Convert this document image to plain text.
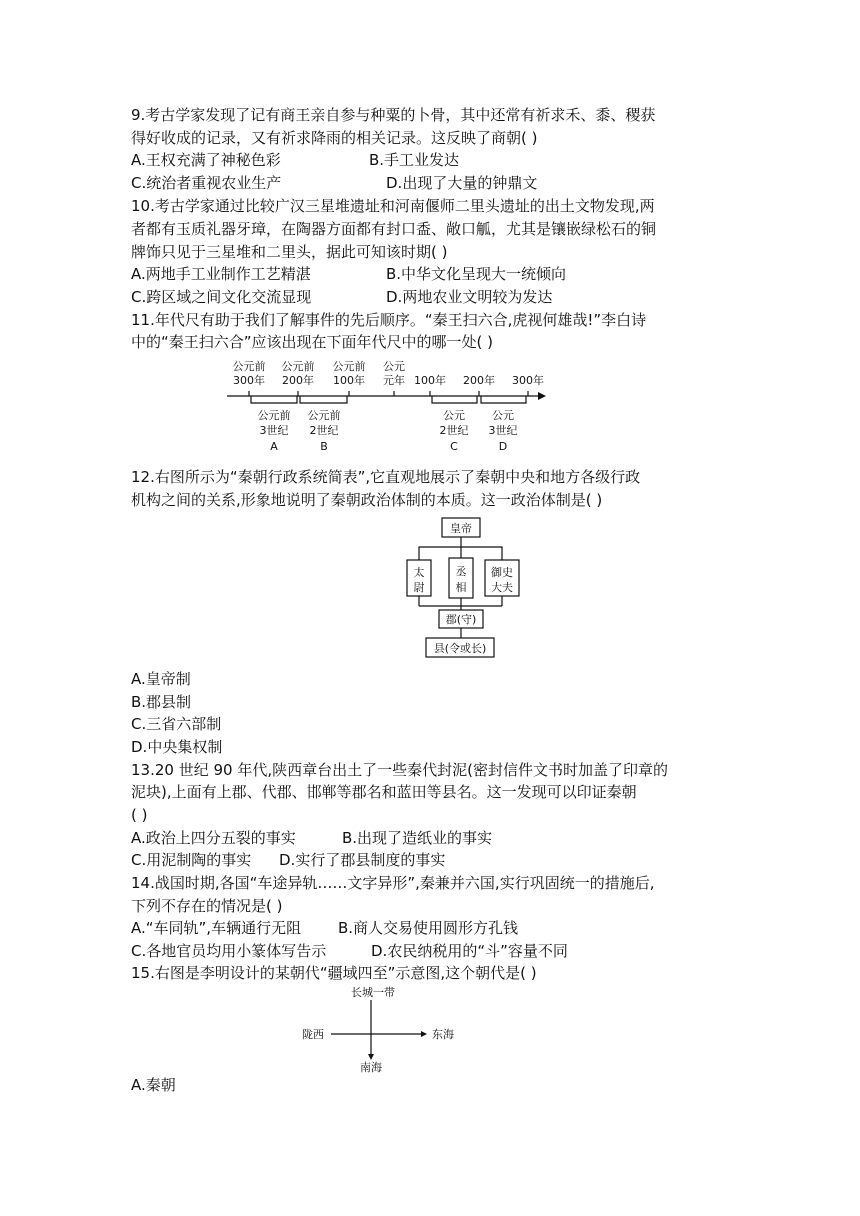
9.考古学家发现了记有商王亲自参与种粟的卜骨，其中还常有祈求禾、黍、稷获
得好收成的记录，又有祈求降雨的相关记录。这反映了商朝( )
A.王权充满了神秘色彩	B.手工业发达
C.统治者重视农业生产	D.出现了大量的钟鼎文
10.考古学家通过比较广汉三星堆遗址和河南偃师二里头遗址的出土文物发现,两
者都有玉质礼器牙璋，在陶器方面都有封口盉、敞口觚，尤其是镶嵌绿松石的铜
牌饰只见于三星堆和二里头，据此可知该时期( )
A.两地手工业制作工艺精湛	B.中华文化呈现大一统倾向
C.跨区域之间文化交流显现	D.两地农业文明较为发达
11.年代尺有助于我们了解事件的先后顺序。“秦王扫六合,虎视何雄哉!”李白诗
中的“秦王扫六合”应该出现在下面年代尺中的哪一处( )
公元前
300年
公元前
200年
公元前
100年
公元
元年 100年 200年 300年
公元前
3世纪
A
公元前
2世纪
B
公元
2世纪
C
公元
3世纪
D
12.右图所示为“秦朝行政系统简表”,它直观地展示了秦朝中央和地方各级行政
机构之间的关系,形象地说明了秦朝政治体制的本质。这一政治体制是( )
皇帝
太
尉
丞
相
御史
大夫
郡(守)
县(令或长)
A.皇帝制
B.郡县制
C.三省六部制
D.中央集权制
13.20 世纪 90 年代,陕西章台出土了一些秦代封泥(密封信件文书时加盖了印章的
泥块),上面有上郡、代郡、邯郸等郡名和蓝田等县名。这一发现可以印证秦朝
( )
A.政治上四分五裂的事实	B.出现了造纸业的事实
C.用泥制陶的事实 D.实行了郡县制度的事实
14.战国时期,各国“车途异轨……文字异形”,秦兼并六国,实行巩固统一的措施后,
下列不存在的情况是( )
A.“车同轨”,车辆通行无阻 B.商人交易使用圆形方孔钱
C.各地官员均用小篆体写告示	D.农民纳税用的“斗”容量不同
15.右图是李明设计的某朝代“疆域四至”示意图,这个朝代是( )
长城一带
陇西	东海
南海
A.秦朝
